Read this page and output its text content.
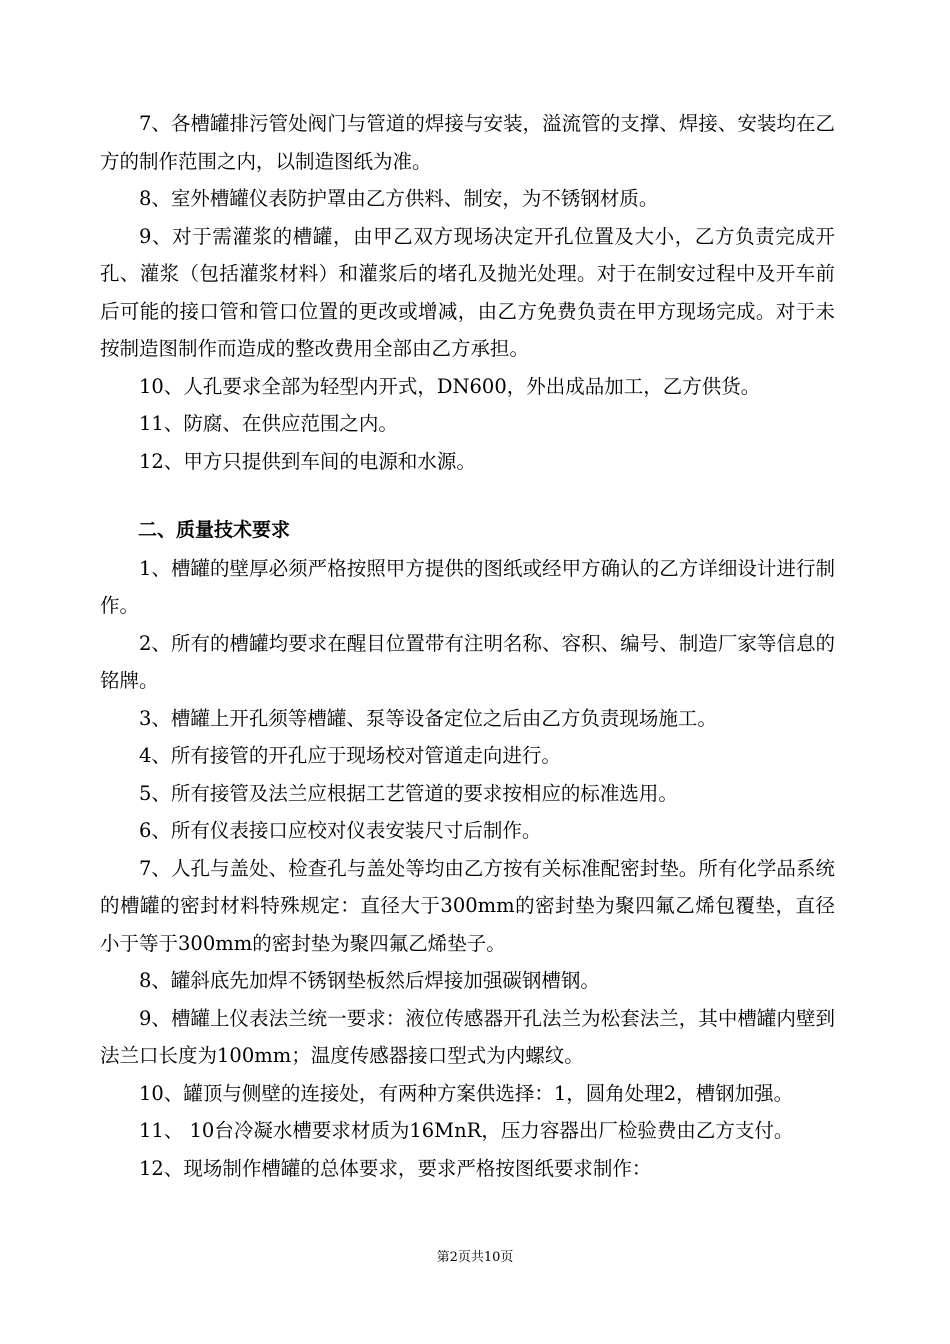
7、各槽罐排污管处阀门与管道的焊接与安装，溢流管的支撑、焊接、安装均在乙方的制作范围之内，以制造图纸为准。

8、室外槽罐仪表防护罩由乙方供料、制安，为不锈钢材质。

9、对于需灌浆的槽罐，由甲乙双方现场决定开孔位置及大小，乙方负责完成开孔、灌浆（包括灌浆材料）和灌浆后的堵孔及抛光处理。对于在制安过程中及开车前后可能的接口管和管口位置的更改或增减，由乙方免费负责在甲方现场完成。对于未按制造图制作而造成的整改费用全部由乙方承担。

10、人孔要求全部为轻型内开式，DN600，外出成品加工，乙方供货。

11、防腐、在供应范围之内。

12、甲方只提供到车间的电源和水源。

二、质量技术要求

1、槽罐的壁厚必须严格按照甲方提供的图纸或经甲方确认的乙方详细设计进行制作。

2、所有的槽罐均要求在醒目位置带有注明名称、容积、编号、制造厂家等信息的铭牌。

3、槽罐上开孔须等槽罐、泵等设备定位之后由乙方负责现场施工。

4、所有接管的开孔应于现场校对管道走向进行。

5、所有接管及法兰应根据工艺管道的要求按相应的标准选用。

6、所有仪表接口应校对仪表安装尺寸后制作。

7、人孔与盖处、检查孔与盖处等均由乙方按有关标准配密封垫。所有化学品系统的槽罐的密封材料特殊规定：直径大于300mm的密封垫为聚四氟乙烯包覆垫，直径小于等于300mm的密封垫为聚四氟乙烯垫子。

8、罐斜底先加焊不锈钢垫板然后焊接加强碳钢槽钢。

9、槽罐上仪表法兰统一要求：液位传感器开孔法兰为松套法兰，其中槽罐内壁到法兰口长度为100mm；温度传感器接口型式为内螺纹。

10、罐顶与侧壁的连接处，有两种方案供选择：1，圆角处理2，槽钢加强。

11、 10台冷凝水槽要求材质为16MnR，压力容器出厂检验费由乙方支付。

12、现场制作槽罐的总体要求，要求严格按图纸要求制作：

第2页共10页
